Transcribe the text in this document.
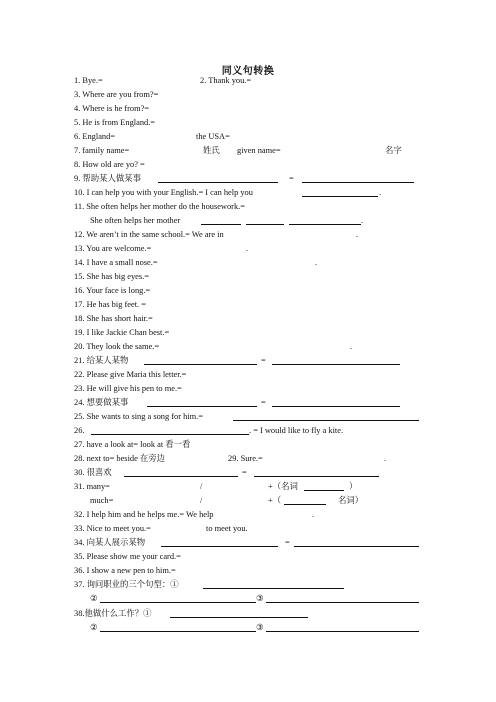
同义句转换
1. Bye.=	2. Thank you.=
3. Where are you from?=
4. Where is he from?=
5. He is from England.=
6. England=	the USA=
7. family name=	姓氏 given name=	名字
8. How old are yo? =
9. 帮助某人做某事	=
10. I can help you with your English.= I can help you	.
11. She often helps her mother do the housework.=
She often helps her mother	.
12. We aren’t in the same school.= We are in	.
13. You are welcome.=	.
14. I have a small nose.=	.
15. She has big eyes.=
16. Your face is long.=
17. He has big feet. =
18. She has short hair.=
19. I like Jackie Chan best.=
20. They look the same.=	.
21. 给某人某物	=
22. Please give Maria this letter.=
23. He will give his pen to me.=
24. 想要做某事	=
25. She wants to sing a song for him.=
26.	. = I would like to fly a kite.
27. have a look at= look at 看一看
28. next to= beside 在旁边	29. Sure.=	.
30. 很喜欢	=
31. many=	/	+（名词	）
much=	/	+（	名词）
32. I help him and he helps me.= We help	.
33. Nice to meet you.=	to meet you.
34. 向某人展示某物	=
35. Please show me your card.=
36. I show a new pen to him.=
37. 询问职业的三个句型：①
②	③
38.他做什么工作？①
②	③
